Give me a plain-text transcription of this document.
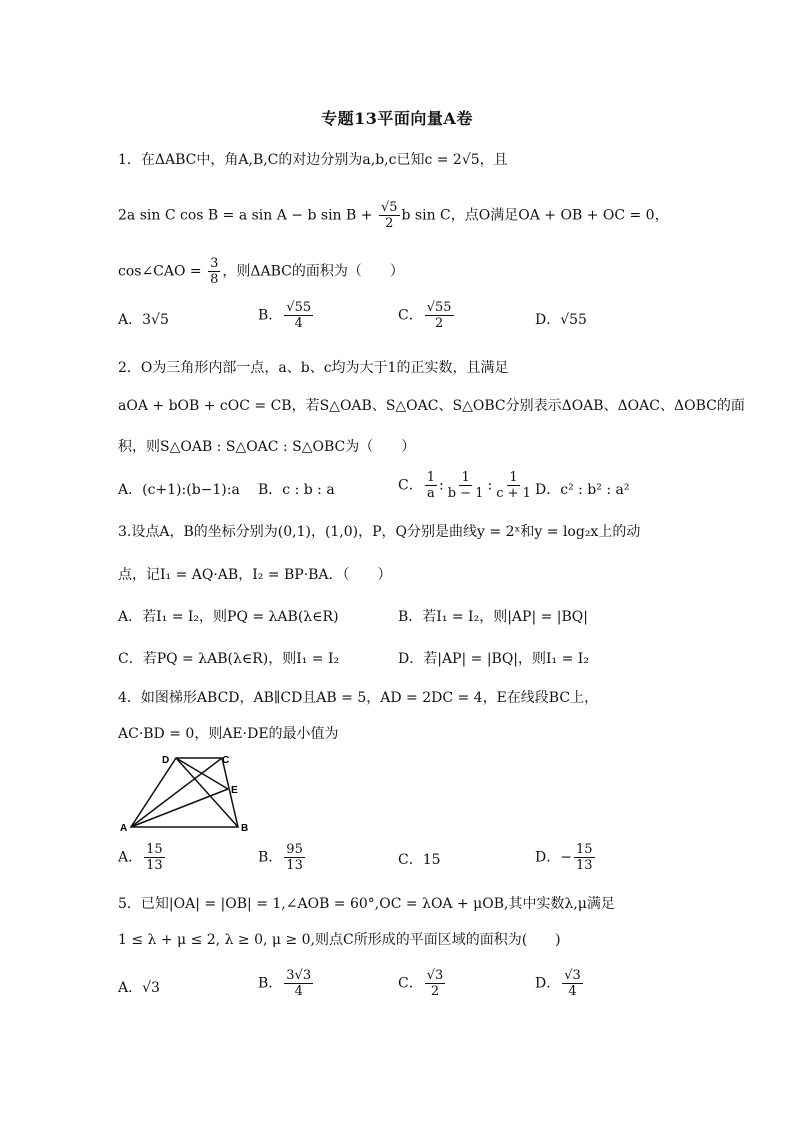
专题13平面向量A卷
1．在ΔABC中，角A,B,C的对边分别为a,b,c已知c = 2√5，且
2a sin C cos B = a sin A − b $\sin B + \frac{√5}{2}$ b sin C，点O满足OA + OB + OC = 0，
cos∠CAO = $\frac{3}{8}$ ，则ΔABC的面积为（　　）
A．3√5	B． $\frac{√55}{4}$	C． $\frac{√55}{2}$	D．√55
2．O为三角形内部一点，a、b、c均为大于1的正实数，且满足
aOA + bOB + cOC = CB，若S△OAB、S△OAC、S△OBC分别表示ΔOAB、ΔOAC、ΔOBC的面
积，则S△OAB : S△OAC : S△OBC为（　　）
A．(c+1):(b−1):a B．c : b : a	C． $\frac{1}{a}$ : $\frac{1}{b - 1}$ : $\frac{1}{c + 1}$ D．c² : b² : a²
3.设点A，B的坐标分别为(0,1)，(1,0)，P，Q分别是曲线y = 2ˣ和y = log₂x上的动
点，记I₁ = AQ·AB，I₂ = BP·BA．（　　）
A．若I₁ = I₂，则PQ = λAB(λ∈R)	B．若I₁ = I₂，则|AP| = |BQ|
C．若PQ = λAB(λ∈R)，则I₁ = I₂	D．若|AP| = |BQ|，则I₁ = I₂
4．如图梯形ABCD，AB∥CD且AB = 5，AD = 2DC = 4，E在线段BC上，
AC·BD = 0，则AE·DE的最小值为
A	B
C
D
E
A． $\frac{15}{13}$	B． $\frac{95}{13}$	C．15	D．− $\frac{15}{13}$
5．已知|OA| = |OB| = 1,∠AOB = 60°,OC = λOA + μOB,其中实数λ,μ满足
1 ≤ λ + μ ≤ 2, λ ≥ 0, μ ≥ 0,则点C所形成的平面区域的面积为(　　)
A．√3	B． $\frac{3√3}{4}$	C． $\frac{√3}{2}$	D． $\frac{√3}{4}$
